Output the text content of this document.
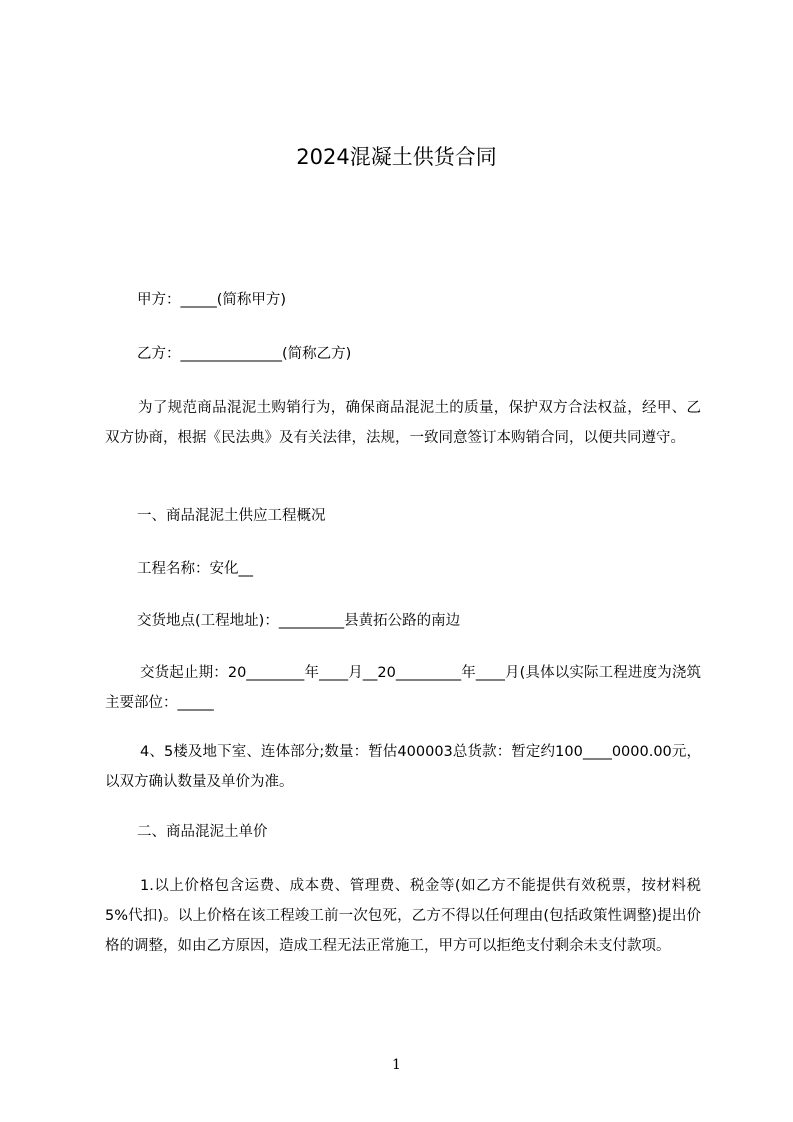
2024混凝土供货合同

甲方：_____(简称甲方)

乙方：______________(简称乙方)

为了规范商品混泥土购销行为，确保商品混泥土的质量，保护双方合法权益，经甲、乙双方协商，根据《民法典》及有关法律，法规，一致同意签订本购销合同，以便共同遵守。

一、商品混泥土供应工程概况

工程名称：安化__

交货地点(工程地址)：_________县黄拓公路的南边

交货起止期：20________年____月__20_________年____月(具体以实际工程进度为浇筑主要部位：_____

4、5楼及地下室、连体部分;数量：暂估400003总货款：暂定约100____0000.00元，以双方确认数量及单价为准。

二、商品混泥土单价

1.以上价格包含运费、成本费、管理费、税金等(如乙方不能提供有效税票，按材料税5%代扣)。以上价格在该工程竣工前一次包死，乙方不得以任何理由(包括政策性调整)提出价格的调整，如由乙方原因，造成工程无法正常施工，甲方可以拒绝支付剩余未支付款项。

1
